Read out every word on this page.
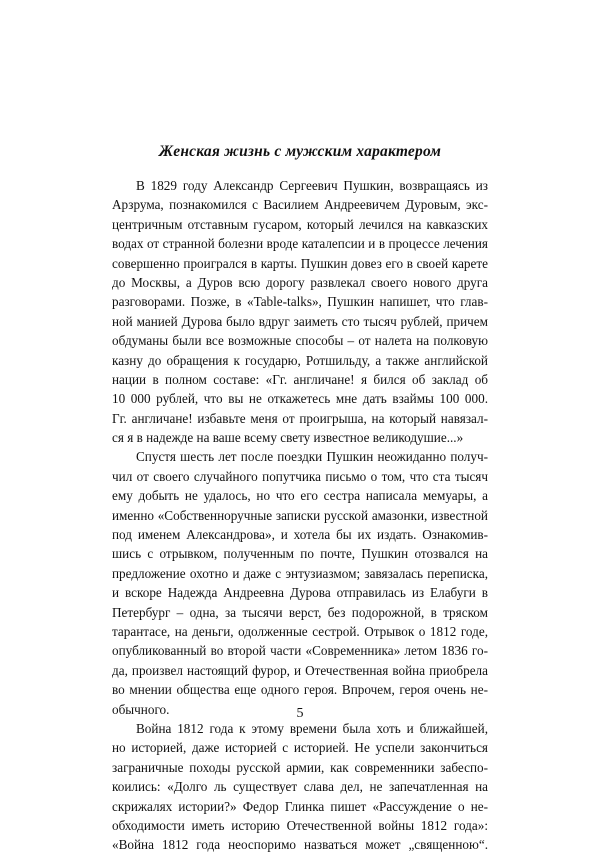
Женская жизнь с мужским характером
В 1829 году Александр Сергеевич Пушкин, возвращаясь из
Арзрума, познакомился с Василием Андреевичем Дуровым, экс-
центричным отставным гусаром, который лечился на кавказских
водах от странной болезни вроде каталепсии и в процессе лечения
совершенно проигрался в карты. Пушкин довез его в своей карете
до Москвы, а Дуров всю дорогу развлекал своего нового друга
разговорами. Позже, в «Table-talks», Пушкин напишет, что глав-
ной манией Дурова было вдруг заиметь сто тысяч рублей, причем
обдуманы были все возможные способы – от налета на полковую
казну до обращения к государю, Ротшильду, а также английской
нации в полном составе: «Гг. англичане! я бился об заклад об
10 000 рублей, что вы не откажетесь мне дать взаймы 100 000.
Гг. англичане! избавьте меня от проигрыша, на который навязал-
ся я в надежде на ваше всему свету известное великодушие...»
Спустя шесть лет после поездки Пушкин неожиданно получ-
чил от своего случайного попутчика письмо о том, что ста тысяч
ему добыть не удалось, но что его сестра написала мемуары, а
именно «Собственноручные записки русской амазонки, известной
под именем Александрова», и хотела бы их издать. Ознакомив-
шись с отрывком, полученным по почте, Пушкин отозвался на
предложение охотно и даже с энтузиазмом; завязалась переписка,
и вскоре Надежда Андреевна Дурова отправилась из Елабуги в
Петербург – одна, за тысячи верст, без подорожной, в тряском
тарантасе, на деньги, одолженные сестрой. Отрывок о 1812 годе,
опубликованный во второй части «Современника» летом 1836 го-
да, произвел настоящий фурор, и Отечественная война приобрела
во мнении общества еще одного героя. Впрочем, героя очень не-
обычного.
Война 1812 года к этому времени была хоть и ближайшей,
но историей, даже историей с историей. Не успели закончиться
заграничные походы русской армии, как современники забеспо-
коились: «Долго ль существует слава дел, не запечатленная на
скрижалях истории?» Федор Глинка пишет «Рассуждение о не-
обходимости иметь историю Отечественной войны 1812 года»:
«Война 1812 года неоспоримо назваться может „священною“.
5
